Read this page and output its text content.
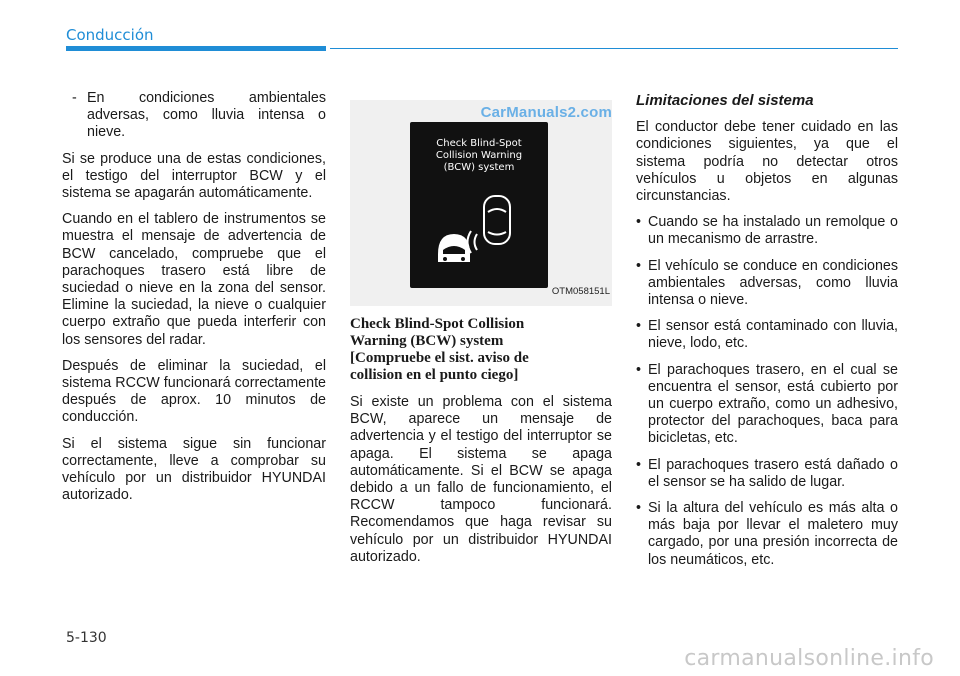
Conducción

- En condiciones ambientales adversas, como lluvia intensa o nieve.

Si se produce una de estas condiciones, el testigo del interruptor BCW y el sistema se apagarán automáticamente.

Cuando en el tablero de instrumentos se muestra el mensaje de advertencia de BCW cancelado, compruebe que el parachoques trasero está libre de suciedad o nieve en la zona del sensor. Elimine la suciedad, la nieve o cualquier cuerpo extraño que pueda interferir con los sensores del radar.

Después de eliminar la suciedad, el sistema RCCW funcionará correctamente después de aprox. 10 minutos de conducción.

Si el sistema sigue sin funcionar correctamente, lleve a comprobar su vehículo por un distribuidor HYUNDAI autorizado.

CarManuals2.com
Check Blind-Spot
Collision Warning
(BCW) system
OTM058151L
Check Blind-Spot Collision
Warning (BCW) system
[Compruebe el sist. aviso de
collision en el punto ciego]

Si existe un problema con el sistema BCW, aparece un mensaje de advertencia y el testigo del interruptor se apaga. El sistema se apaga automáticamente. Si el BCW se apaga debido a un fallo de funcionamiento, el RCCW tampoco funcionará. Recomendamos que haga revisar su vehículo por un distribuidor HYUNDAI autorizado.

Limitaciones del sistema

El conductor debe tener cuidado en las condiciones siguientes, ya que el sistema podría no detectar otros vehículos u objetos en algunas circunstancias.

• Cuando se ha instalado un remolque o un mecanismo de arrastre.

• El vehículo se conduce en condiciones ambientales adversas, como lluvia intensa o nieve.

• El sensor está contaminado con lluvia, nieve, lodo, etc.

• El parachoques trasero, en el cual se encuentra el sensor, está cubierto por un cuerpo extraño, como un adhesivo, protector del parachoques, baca para bicicletas, etc.

• El parachoques trasero está dañado o el sensor se ha salido de lugar.

• Si la altura del vehículo es más alta o más baja por llevar el maletero muy cargado, por una presión incorrecta de los neumáticos, etc.

5-130
carmanualsonline.info
